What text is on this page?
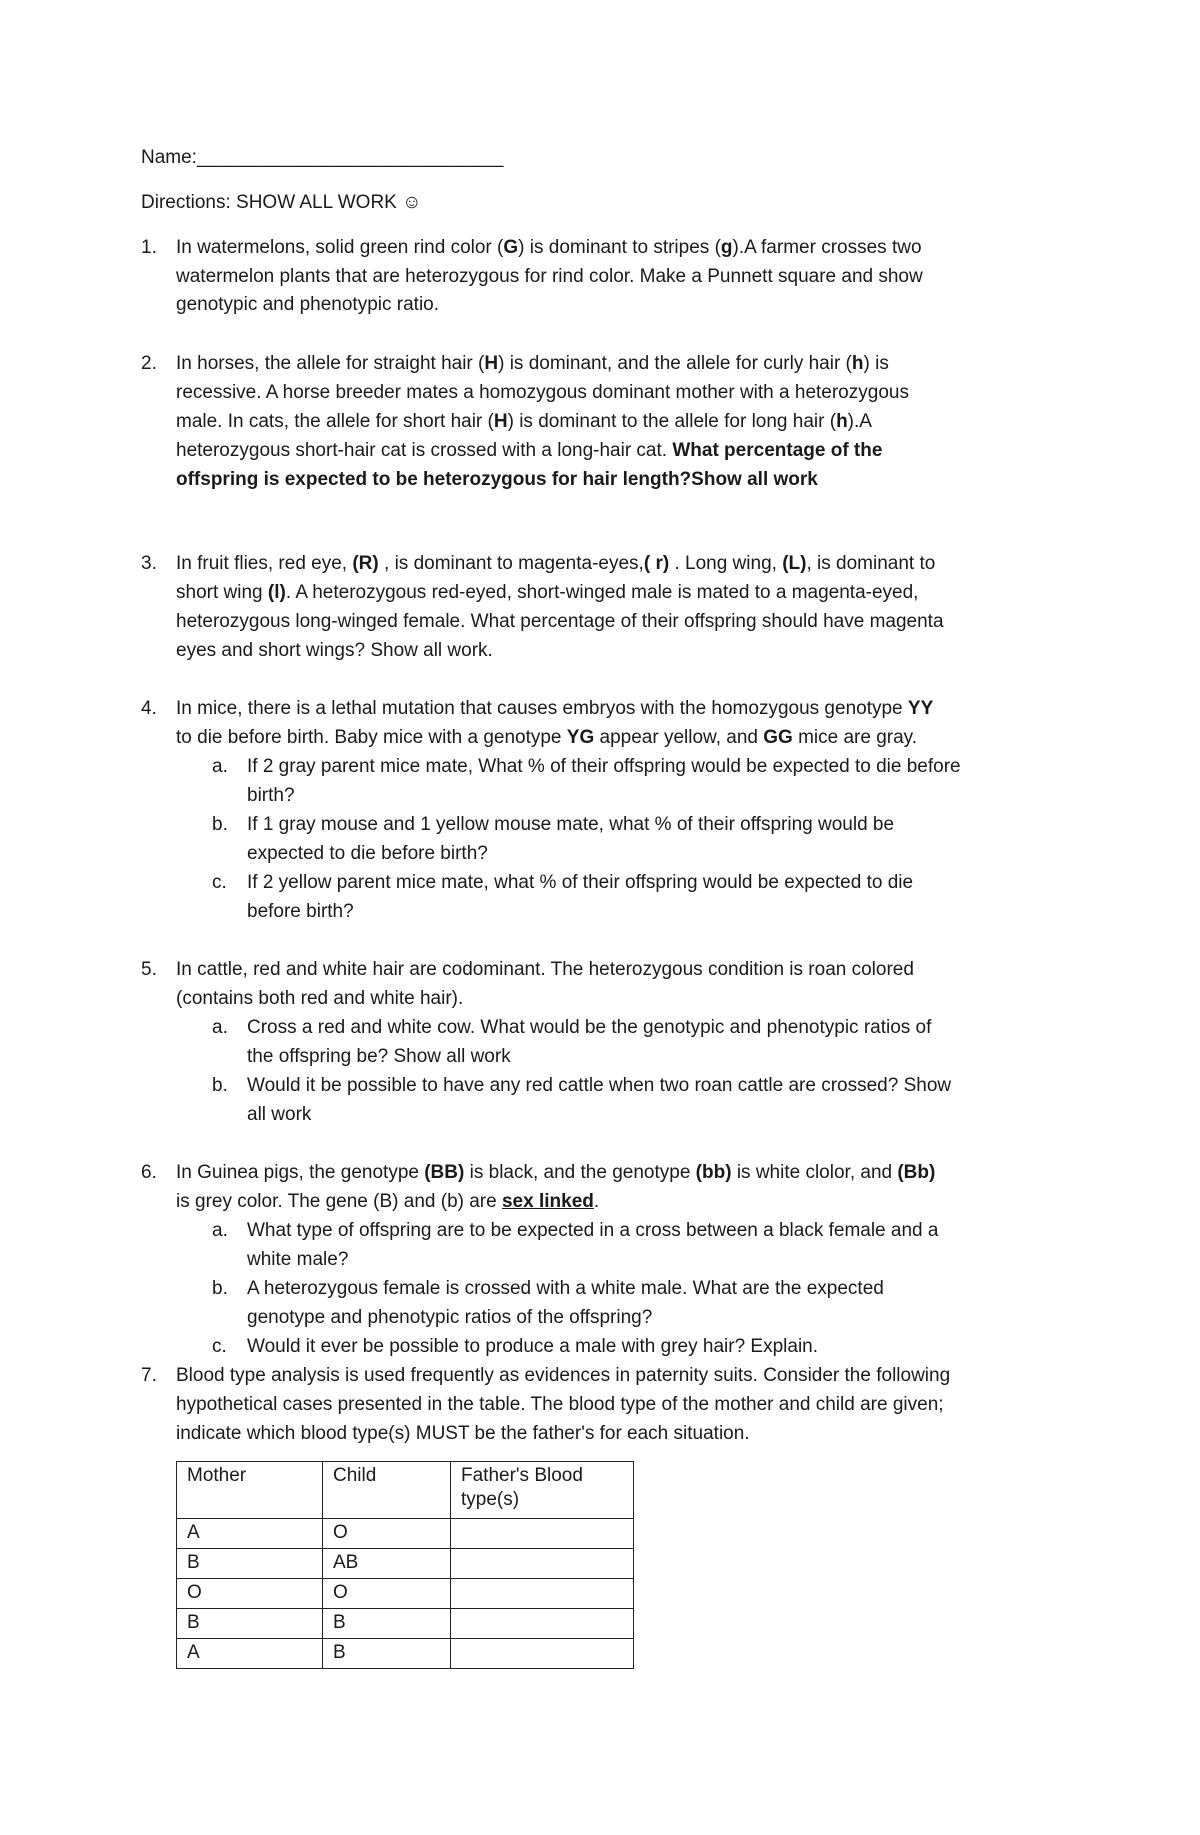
Name:_____________________________
Directions: SHOW ALL WORK ☺
1. In watermelons, solid green rind color (G) is dominant to stripes (g).A farmer crosses two
watermelon plants that are heterozygous for rind color. Make a Punnett square and show
genotypic and phenotypic ratio.
2. In horses, the allele for straight hair (H) is dominant, and the allele for curly hair (h) is
recessive. A horse breeder mates a homozygous dominant mother with a heterozygous
male. In cats, the allele for short hair (H) is dominant to the allele for long hair (h).A
heterozygous short-hair cat is crossed with a long-hair cat. What percentage of the
offspring is expected to be heterozygous for hair length?Show all work
3. In fruit flies, red eye, (R) , is dominant to magenta-eyes,( r) . Long wing, (L), is dominant to
short wing (l). A heterozygous red-eyed, short-winged male is mated to a magenta-eyed,
heterozygous long-winged female. What percentage of their offspring should have magenta
eyes and short wings? Show all work.
4. In mice, there is a lethal mutation that causes embryos with the homozygous genotype YY
to die before birth. Baby mice with a genotype YG appear yellow, and GG mice are gray.
a. If 2 gray parent mice mate, What % of their offspring would be expected to die before
birth?
b. If 1 gray mouse and 1 yellow mouse mate, what % of their offspring would be
expected to die before birth?
c. If 2 yellow parent mice mate, what % of their offspring would be expected to die
before birth?
5. In cattle, red and white hair are codominant. The heterozygous condition is roan colored
(contains both red and white hair).
a. Cross a red and white cow. What would be the genotypic and phenotypic ratios of
the offspring be? Show all work
b. Would it be possible to have any red cattle when two roan cattle are crossed? Show
all work
6. In Guinea pigs, the genotype (BB) is black, and the genotype (bb) is white clolor, and (Bb)
is grey color. The gene (B) and (b) are sex linked.
a. What type of offspring are to be expected in a cross between a black female and a
white male?
b. A heterozygous female is crossed with a white male. What are the expected
genotype and phenotypic ratios of the offspring?
c. Would it ever be possible to produce a male with grey hair? Explain.
7. Blood type analysis is used frequently as evidences in paternity suits. Consider the following
hypothetical cases presented in the table. The blood type of the mother and child are given;
indicate which blood type(s) MUST be the father's for each situation.
Mother	Child	Father's Blood
type(s)
A	O	
B	AB	
O	O	
B	B	
A	B	
